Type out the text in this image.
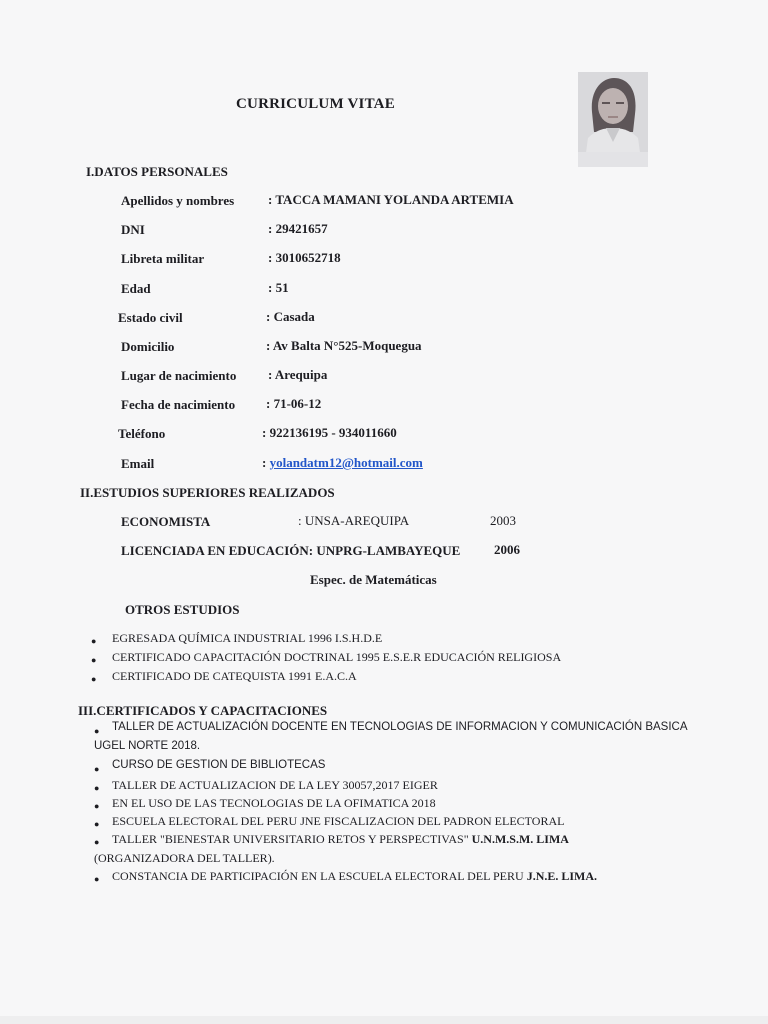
CURRICULUM VITAE
I.DATOS PERSONALES
Apellidos y nombres	: TACCA MAMANI YOLANDA ARTEMIA
DNI	: 29421657
Libreta militar	: 3010652718
Edad	: 51
Estado civil	: Casada
Domicilio	: Av Balta N°525-Moquegua
Lugar de nacimiento : Arequipa
Fecha de nacimiento : 71-06-12
Teléfono	: 922136195 - 934011660
Email	: yolandatm12@hotmail.com
II.ESTUDIOS SUPERIORES REALIZADOS
ECONOMISTA	: UNSA-AREQUIPA	2003
LICENCIADA EN EDUCACIÓN: UNPRG-LAMBAYEQUE	2006
Espec. de Matemáticas
OTROS ESTUDIOS
● EGRESADA QUÍMICA INDUSTRIAL 1996 I.S.H.D.E
● CERTIFICADO CAPACITACIÓN DOCTRINAL 1995 E.S.E.R EDUCACIÓN RELIGIOSA
● CERTIFICADO DE CATEQUISTA 1991 E.A.C.A
III.CERTIFICADOS Y CAPACITACIONES
● TALLER DE ACTUALIZACIÓN DOCENTE EN TECNOLOGIAS DE INFORMACION Y COMUNICACIÓN BASICA
UGEL NORTE 2018.
● CURSO DE GESTION DE BIBLIOTECAS
● TALLER DE ACTUALIZACION DE LA LEY 30057,2017 EIGER
● EN EL USO DE LAS TECNOLOGIAS DE LA OFIMATICA 2018
● ESCUELA ELECTORAL DEL PERU JNE FISCALIZACION DEL PADRON ELECTORAL
● TALLER "BIENESTAR UNIVERSITARIO RETOS Y PERSPECTIVAS" U.N.M.S.M. LIMA
(ORGANIZADORA DEL TALLER).
● CONSTANCIA DE PARTICIPACIÓN EN LA ESCUELA ELECTORAL DEL PERU J.N.E. LIMA.
